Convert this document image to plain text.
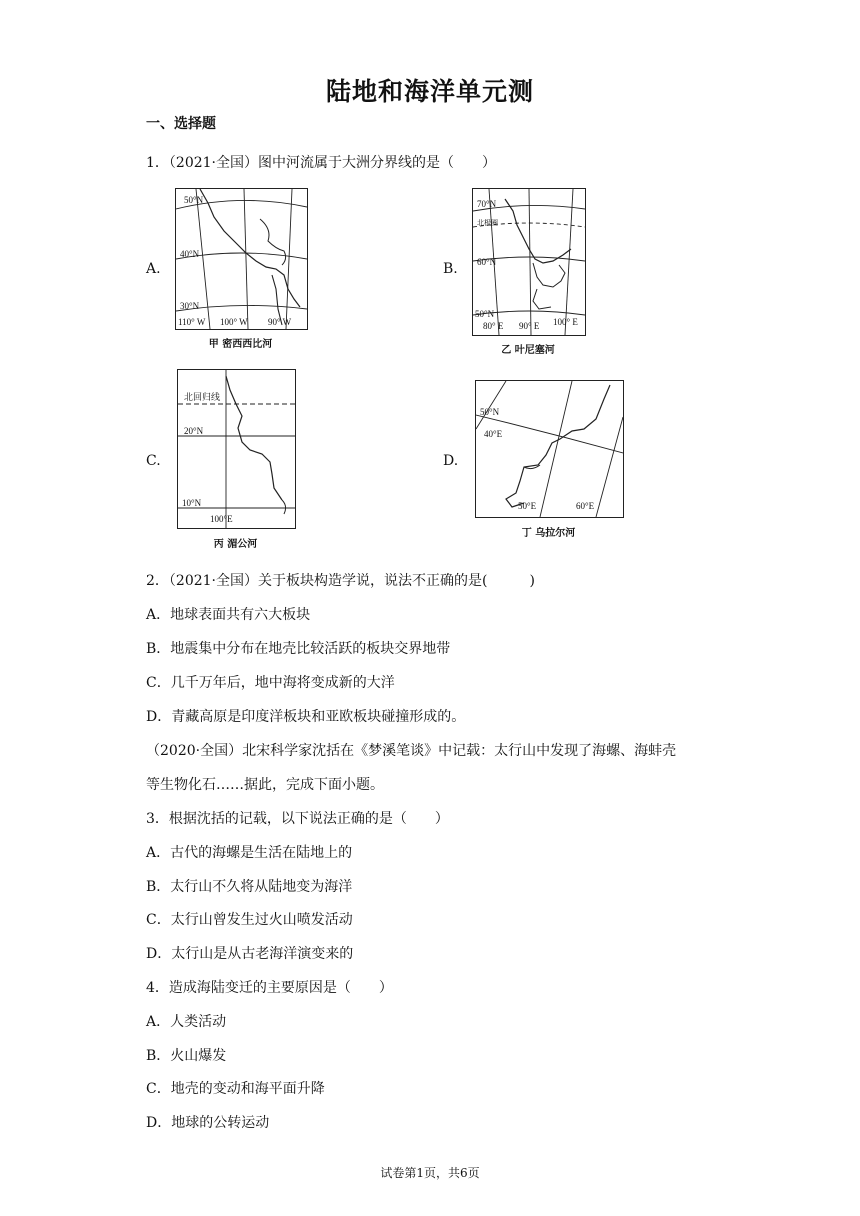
陆地和海洋单元测
一、选择题
1．（2021·全国）图中河流属于大洲分界线的是（　　）
A.	B.
C.	D.
50°N
40°N
30°N
110° W 100° W 90° W
甲 密西西比河
70°N
北极圈
60°N
50°N
80° E 90° E 100° E
乙 叶尼塞河
北回归线
20°N
10°N
100°E
丙 湄公河
50°N
40°E
50°E	60°E
丁 乌拉尔河
2．（2021·全国）关于板块构造学说，说法不正确的是(　　　)
A．地球表面共有六大板块
B．地震集中分布在地壳比较活跃的板块交界地带
C．几千万年后，地中海将变成新的大洋
D．青藏高原是印度洋板块和亚欧板块碰撞形成的。
（2020·全国）北宋科学家沈括在《梦溪笔谈》中记载：太行山中发现了海螺、海蚌壳
等生物化石……据此，完成下面小题。
3．根据沈括的记载，以下说法正确的是（　　）
A．古代的海螺是生活在陆地上的
B．太行山不久将从陆地变为海洋
C．太行山曾发生过火山喷发活动
D．太行山是从古老海洋演变来的
4．造成海陆变迁的主要原因是（　　）
A．人类活动
B．火山爆发
C．地壳的变动和海平面升降
D．地球的公转运动
试卷第1页，共6页
